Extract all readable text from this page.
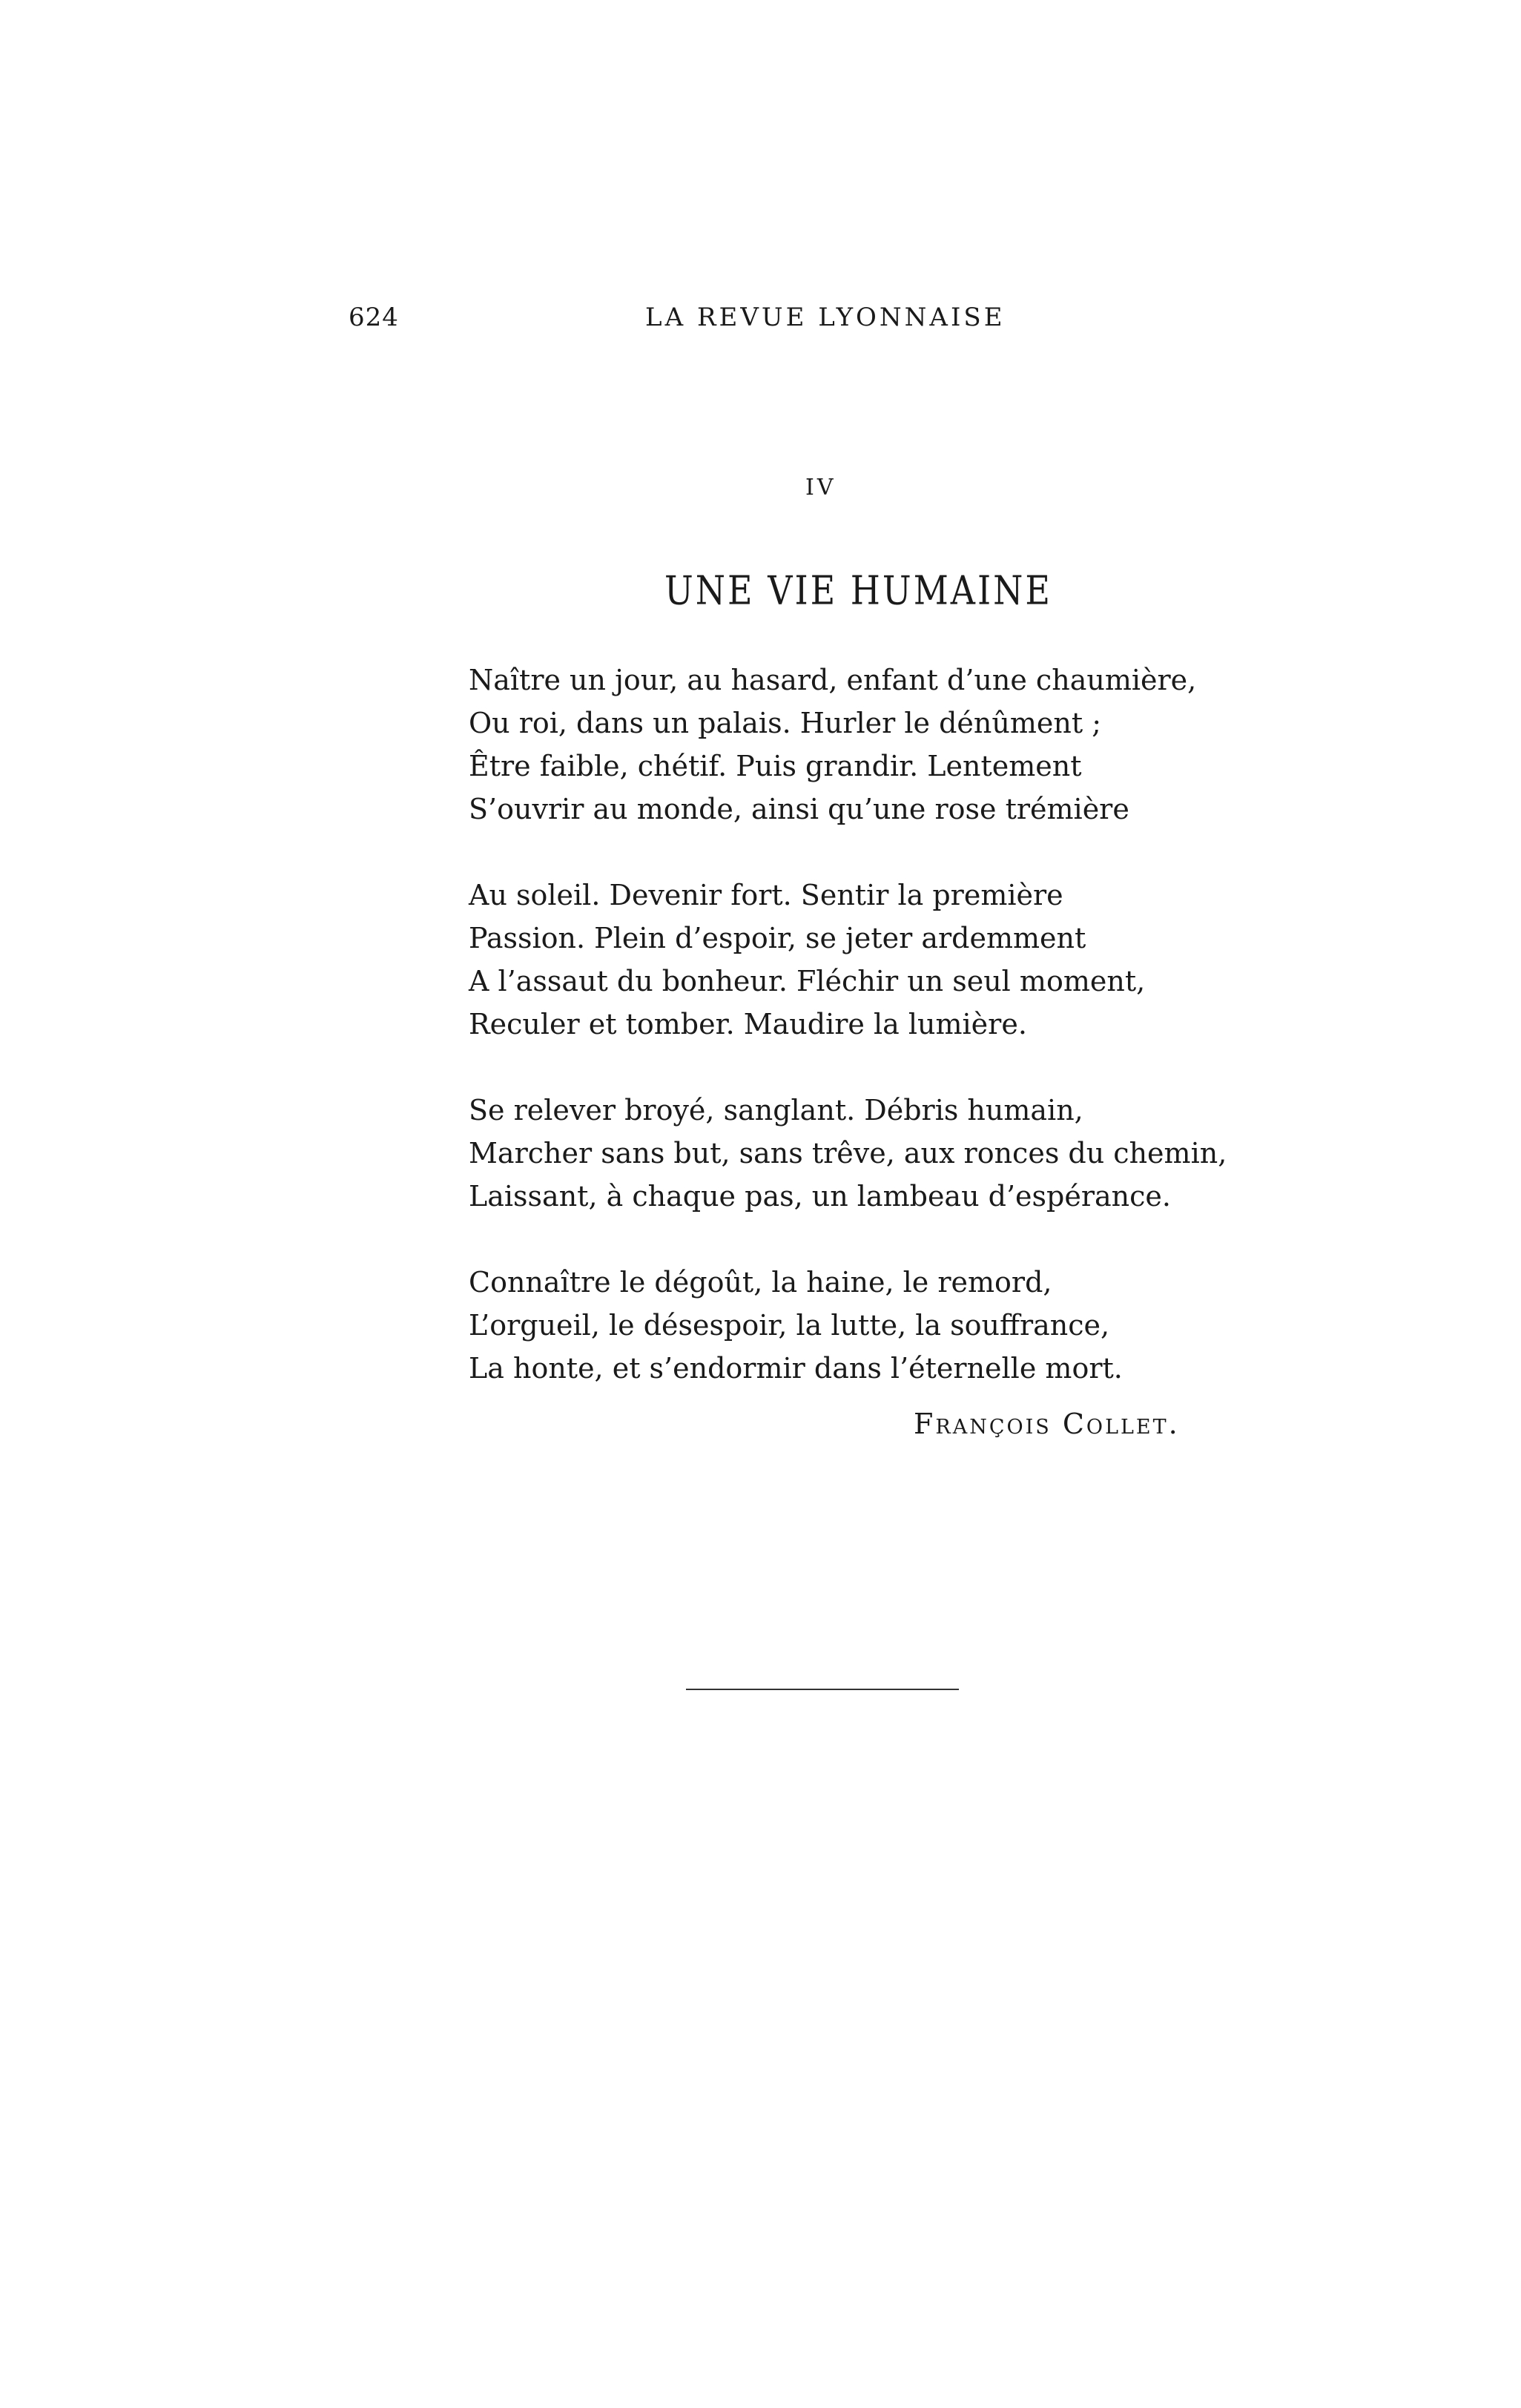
624	LA REVUE LYONNAISE
IV
UNE VIE HUMAINE
Naître un jour, au hasard, enfant d’une chaumière,
Ou roi, dans un palais. Hurler le dénûment ;
Être faible, chétif. Puis grandir. Lentement
S’ouvrir au monde, ainsi qu’une rose trémière
Au soleil. Devenir fort. Sentir la première
Passion. Plein d’espoir, se jeter ardemment
A l’assaut du bonheur. Fléchir un seul moment,
Reculer et tomber. Maudire la lumière.
Se relever broyé, sanglant. Débris humain,
Marcher sans but, sans trêve, aux ronces du chemin,
Laissant, à chaque pas, un lambeau d’espérance.
Connaître le dégoût, la haine, le remord,
L’orgueil, le désespoir, la lutte, la souffrance,
La honte, et s’endormir dans l’éternelle mort.
François Collet.
